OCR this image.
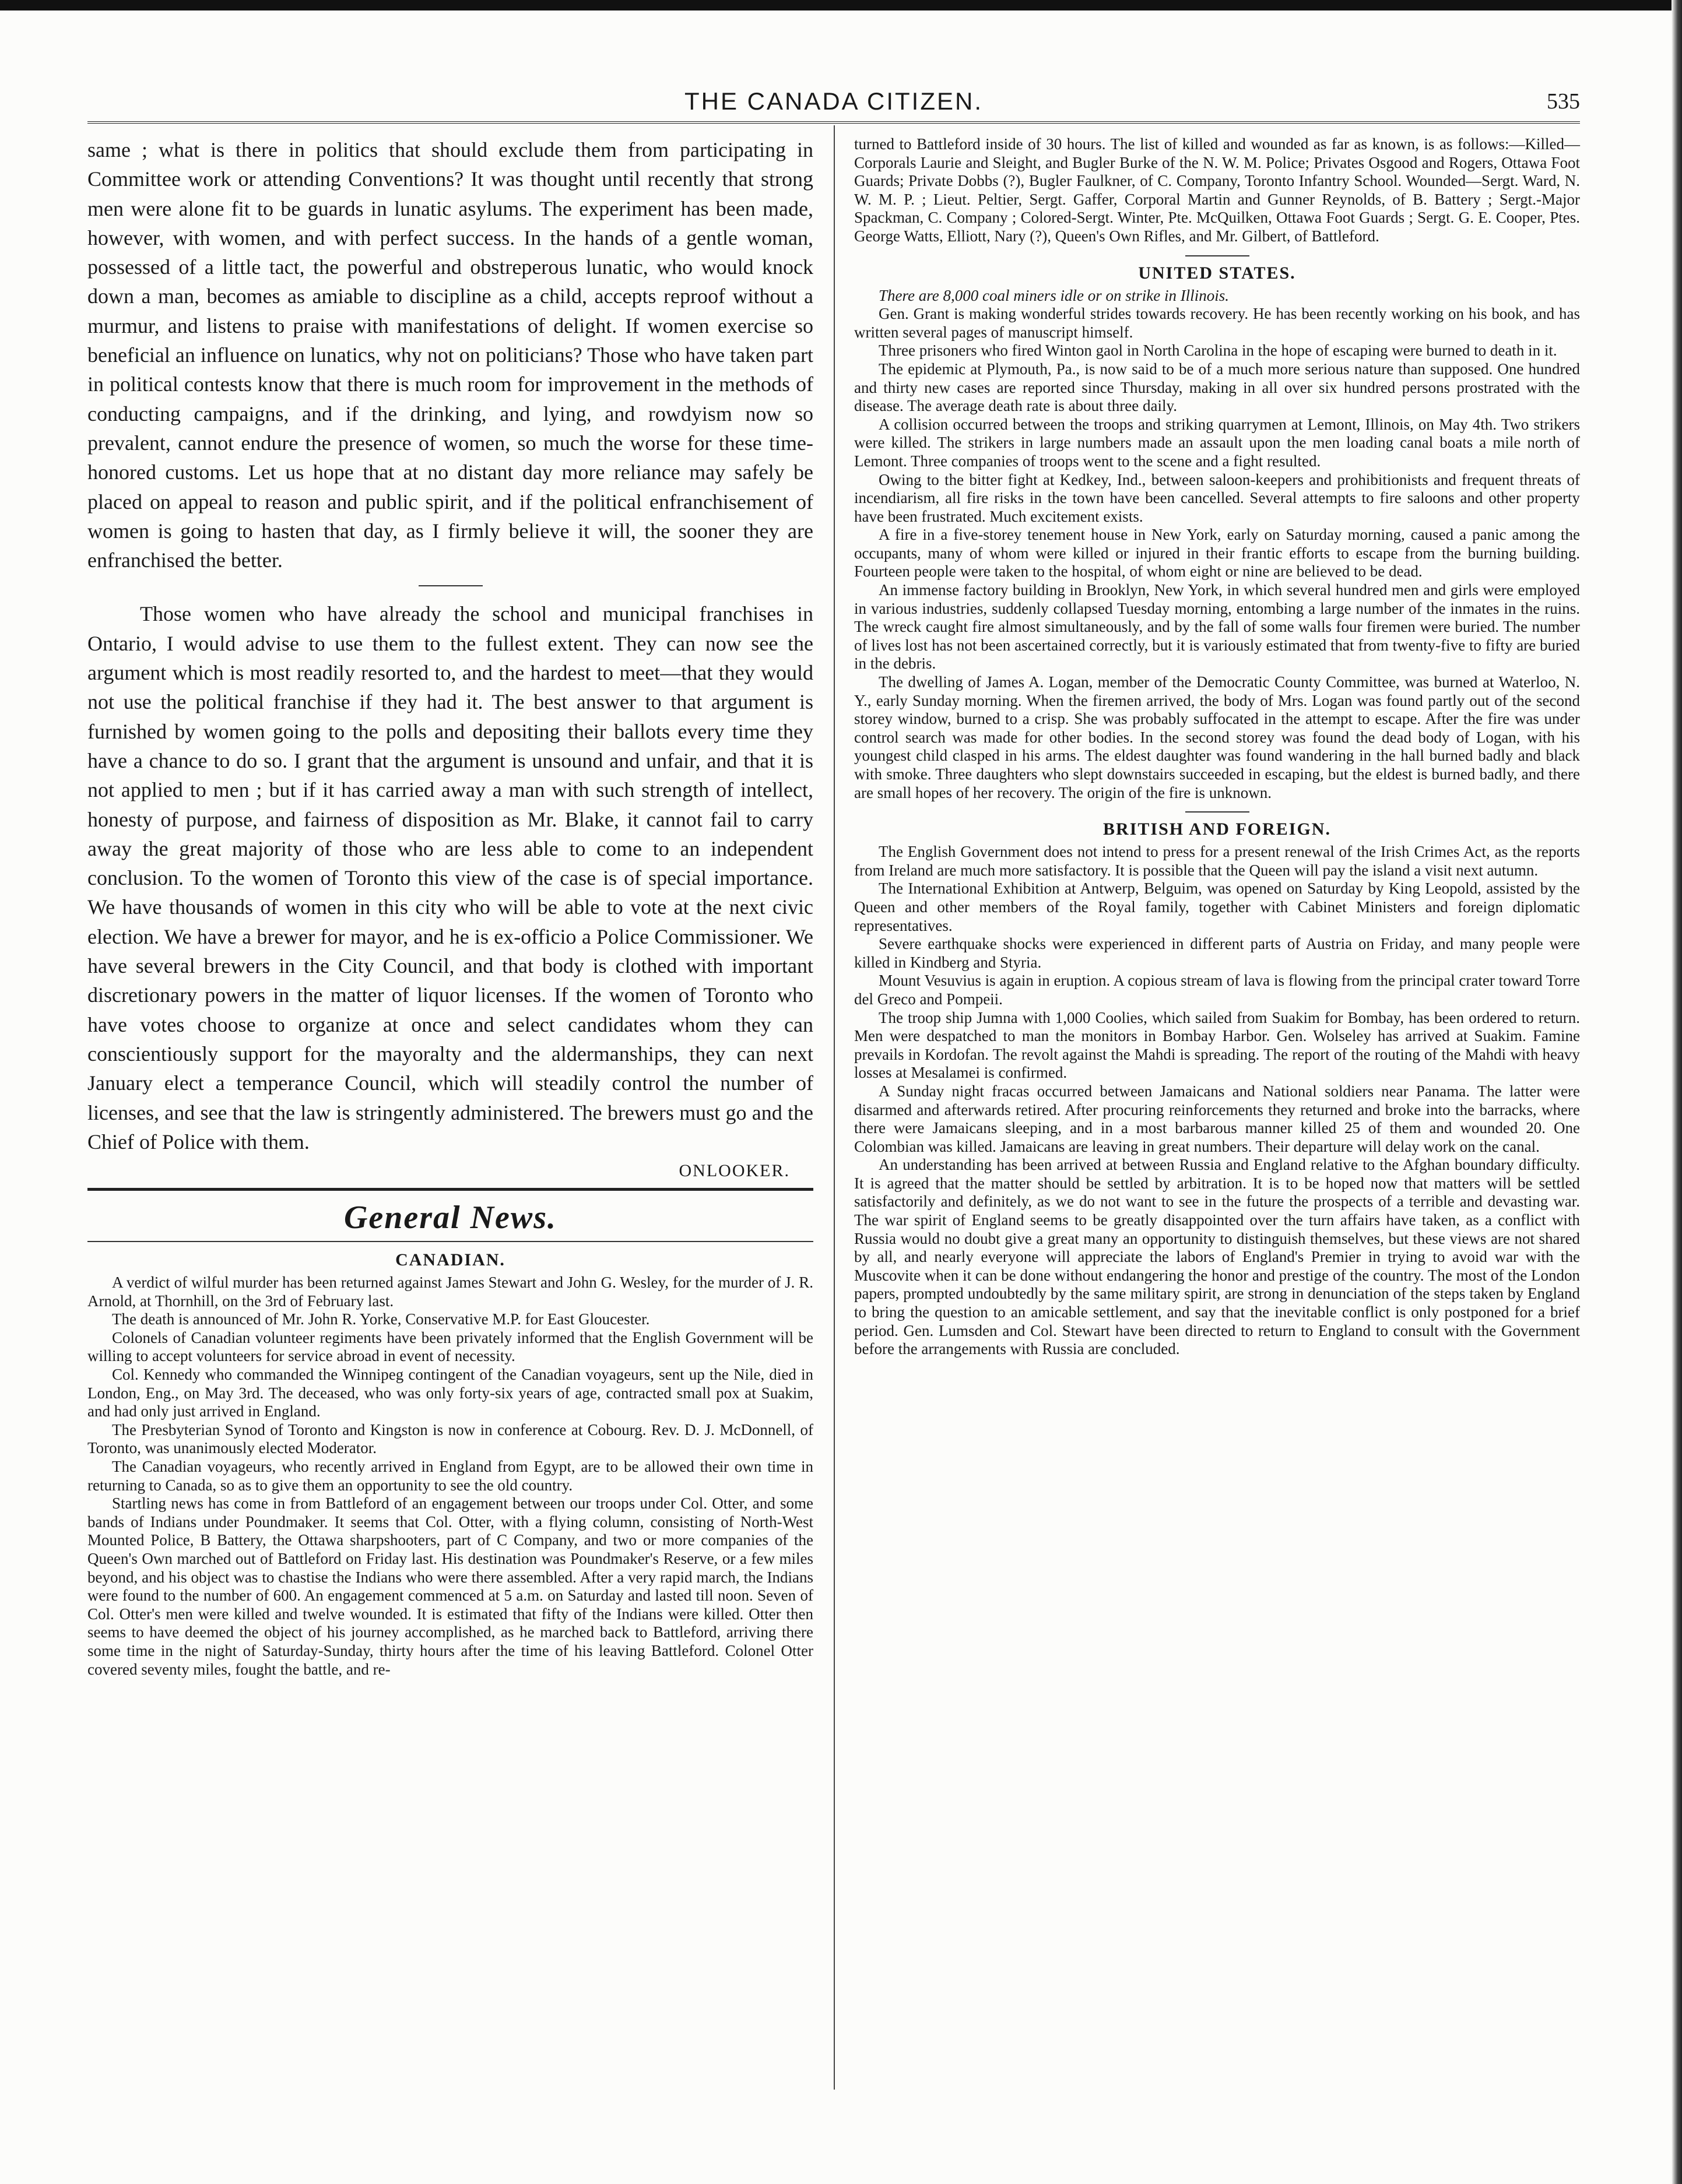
THE CANADA CITIZEN.	535

same ; what is there in politics that should exclude them from participating in Committee work or attending Conventions? It was thought until recently that strong men were alone fit to be guards in lunatic asylums. The experiment has been made, however, with women, and with perfect success. In the hands of a gentle woman, possessed of a little tact, the powerful and obstreperous lunatic, who would knock down a man, becomes as amiable to discipline as a child, accepts reproof without a murmur, and listens to praise with manifestations of delight. If women exercise so beneficial an influence on lunatics, why not on politicians? Those who have taken part in political contests know that there is much room for improvement in the methods of conducting campaigns, and if the drinking, and lying, and rowdyism now so prevalent, cannot endure the presence of women, so much the worse for these time-honored customs. Let us hope that at no distant day more reliance may safely be placed on appeal to reason and public spirit, and if the political enfranchisement of women is going to hasten that day, as I firmly believe it will, the sooner they are enfranchised the better.

Those women who have already the school and municipal franchises in Ontario, I would advise to use them to the fullest extent. They can now see the argument which is most readily resorted to, and the hardest to meet—that they would not use the political franchise if they had it. The best answer to that argument is furnished by women going to the polls and depositing their ballots every time they have a chance to do so. I grant that the argument is unsound and unfair, and that it is not applied to men ; but if it has carried away a man with such strength of intellect, honesty of purpose, and fairness of disposition as Mr. Blake, it cannot fail to carry away the great majority of those who are less able to come to an independent conclusion. To the women of Toronto this view of the case is of special importance. We have thousands of women in this city who will be able to vote at the next civic election. We have a brewer for mayor, and he is ex-officio a Police Commissioner. We have several brewers in the City Council, and that body is clothed with important discretionary powers in the matter of liquor licenses. If the women of Toronto who have votes choose to organize at once and select candidates whom they can conscientiously support for the mayoralty and the aldermanships, they can next January elect a temperance Council, which will steadily control the number of licenses, and see that the law is stringently administered. The brewers must go and the Chief of Police with them.

ONLOOKER.
General News.
CANADIAN.

A verdict of wilful murder has been returned against James Stewart and John G. Wesley, for the murder of J. R. Arnold, at Thornhill, on the 3rd of February last.

The death is announced of Mr. John R. Yorke, Conservative M.P. for East Gloucester.

Colonels of Canadian volunteer regiments have been privately informed that the English Government will be willing to accept volunteers for service abroad in event of necessity.

Col. Kennedy who commanded the Winnipeg contingent of the Canadian voyageurs, sent up the Nile, died in London, Eng., on May 3rd. The deceased, who was only forty-six years of age, contracted small pox at Suakim, and had only just arrived in England.

The Presbyterian Synod of Toronto and Kingston is now in conference at Cobourg. Rev. D. J. McDonnell, of Toronto, was unanimously elected Moderator.

The Canadian voyageurs, who recently arrived in England from Egypt, are to be allowed their own time in returning to Canada, so as to give them an opportunity to see the old country.

Startling news has come in from Battleford of an engagement between our troops under Col. Otter, and some bands of Indians under Poundmaker. It seems that Col. Otter, with a flying column, consisting of North-West Mounted Police, B Battery, the Ottawa sharpshooters, part of C Company, and two or more companies of the Queen's Own marched out of Battleford on Friday last. His destination was Poundmaker's Reserve, or a few miles beyond, and his object was to chastise the Indians who were there assembled. After a very rapid march, the Indians were found to the number of 600. An engagement commenced at 5 a.m. on Saturday and lasted till noon. Seven of Col. Otter's men were killed and twelve wounded. It is estimated that fifty of the Indians were killed. Otter then seems to have deemed the object of his journey accomplished, as he marched back to Battleford, arriving there some time in the night of Saturday-Sunday, thirty hours after the time of his leaving Battleford. Colonel Otter covered seventy miles, fought the battle, and re-

turned to Battleford inside of 30 hours. The list of killed and wounded as far as known, is as follows:—Killed—Corporals Laurie and Sleight, and Bugler Burke of the N. W. M. Police; Privates Osgood and Rogers, Ottawa Foot Guards; Private Dobbs (?), Bugler Faulkner, of C. Company, Toronto Infantry School. Wounded—Sergt. Ward, N. W. M. P. ; Lieut. Peltier, Sergt. Gaffer, Corporal Martin and Gunner Reynolds, of B. Battery ; Sergt.-Major Spackman, C. Company ; Colored-Sergt. Winter, Pte. McQuilken, Ottawa Foot Guards ; Sergt. G. E. Cooper, Ptes. George Watts, Elliott, Nary (?), Queen's Own Rifles, and Mr. Gilbert, of Battleford.

UNITED STATES.

There are 8,000 coal miners idle or on strike in Illinois.

Gen. Grant is making wonderful strides towards recovery. He has been recently working on his book, and has written several pages of manuscript himself.

Three prisoners who fired Winton gaol in North Carolina in the hope of escaping were burned to death in it.

The epidemic at Plymouth, Pa., is now said to be of a much more serious nature than supposed. One hundred and thirty new cases are reported since Thursday, making in all over six hundred persons prostrated with the disease. The average death rate is about three daily.

A collision occurred between the troops and striking quarrymen at Lemont, Illinois, on May 4th. Two strikers were killed. The strikers in large numbers made an assault upon the men loading canal boats a mile north of Lemont. Three companies of troops went to the scene and a fight resulted.

Owing to the bitter fight at Kedkey, Ind., between saloon-keepers and prohibitionists and frequent threats of incendiarism, all fire risks in the town have been cancelled. Several attempts to fire saloons and other property have been frustrated. Much excitement exists.

A fire in a five-storey tenement house in New York, early on Saturday morning, caused a panic among the occupants, many of whom were killed or injured in their frantic efforts to escape from the burning building. Fourteen people were taken to the hospital, of whom eight or nine are believed to be dead.

An immense factory building in Brooklyn, New York, in which several hundred men and girls were employed in various industries, suddenly collapsed Tuesday morning, entombing a large number of the inmates in the ruins. The wreck caught fire almost simultaneously, and by the fall of some walls four firemen were buried. The number of lives lost has not been ascertained correctly, but it is variously estimated that from twenty-five to fifty are buried in the debris.

The dwelling of James A. Logan, member of the Democratic County Committee, was burned at Waterloo, N. Y., early Sunday morning. When the firemen arrived, the body of Mrs. Logan was found partly out of the second storey window, burned to a crisp. She was probably suffocated in the attempt to escape. After the fire was under control search was made for other bodies. In the second storey was found the dead body of Logan, with his youngest child clasped in his arms. The eldest daughter was found wandering in the hall burned badly and black with smoke. Three daughters who slept downstairs succeeded in escaping, but the eldest is burned badly, and there are small hopes of her recovery. The origin of the fire is unknown.

BRITISH AND FOREIGN.

The English Government does not intend to press for a present renewal of the Irish Crimes Act, as the reports from Ireland are much more satisfactory. It is possible that the Queen will pay the island a visit next autumn.

The International Exhibition at Antwerp, Belguim, was opened on Saturday by King Leopold, assisted by the Queen and other members of the Royal family, together with Cabinet Ministers and foreign diplomatic representatives.

Severe earthquake shocks were experienced in different parts of Austria on Friday, and many people were killed in Kindberg and Styria.

Mount Vesuvius is again in eruption. A copious stream of lava is flowing from the principal crater toward Torre del Greco and Pompeii.

The troop ship Jumna with 1,000 Coolies, which sailed from Suakim for Bombay, has been ordered to return. Men were despatched to man the monitors in Bombay Harbor. Gen. Wolseley has arrived at Suakim. Famine prevails in Kordofan. The revolt against the Mahdi is spreading. The report of the routing of the Mahdi with heavy losses at Mesalamei is confirmed.

A Sunday night fracas occurred between Jamaicans and National soldiers near Panama. The latter were disarmed and afterwards retired. After procuring reinforcements they returned and broke into the barracks, where there were Jamaicans sleeping, and in a most barbarous manner killed 25 of them and wounded 20. One Colombian was killed. Jamaicans are leaving in great numbers. Their departure will delay work on the canal.

An understanding has been arrived at between Russia and England relative to the Afghan boundary difficulty. It is agreed that the matter should be settled by arbitration. It is to be hoped now that matters will be settled satisfactorily and definitely, as we do not want to see in the future the prospects of a terrible and devasting war. The war spirit of England seems to be greatly disappointed over the turn affairs have taken, as a conflict with Russia would no doubt give a great many an opportunity to distinguish themselves, but these views are not shared by all, and nearly everyone will appreciate the labors of England's Premier in trying to avoid war with the Muscovite when it can be done without endangering the honor and prestige of the country. The most of the London papers, prompted undoubtedly by the same military spirit, are strong in denunciation of the steps taken by England to bring the question to an amicable settlement, and say that the inevitable conflict is only postponed for a brief period. Gen. Lumsden and Col. Stewart have been directed to return to England to consult with the Government before the arrangements with Russia are concluded.
